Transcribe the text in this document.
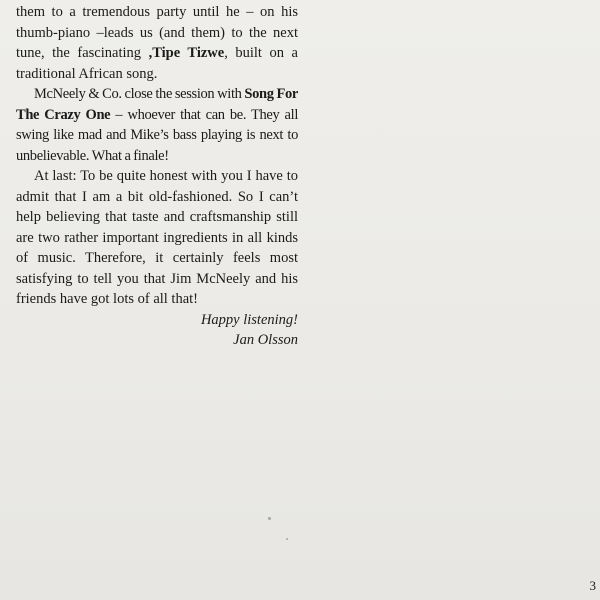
them to a tremendous party until he – on his thumb-piano –leads us (and them) to the next tune, the fascinating ,Tipe Tizwe, built on a traditional African song.

McNeely & Co. close the session with Song For The Crazy One – whoever that can be. They all swing like mad and Mike’s bass playing is next to unbelievable. What a finale!

At last: To be quite honest with you I have to admit that I am a bit old-fashioned. So I can’t help believing that taste and craftsmanship still are two rather important ingredients in all kinds of music. Therefore, it certainly feels most satisfying to tell you that Jim McNeely and his friends have got lots of all that!

Happy listening!
Jan Olsson
3
